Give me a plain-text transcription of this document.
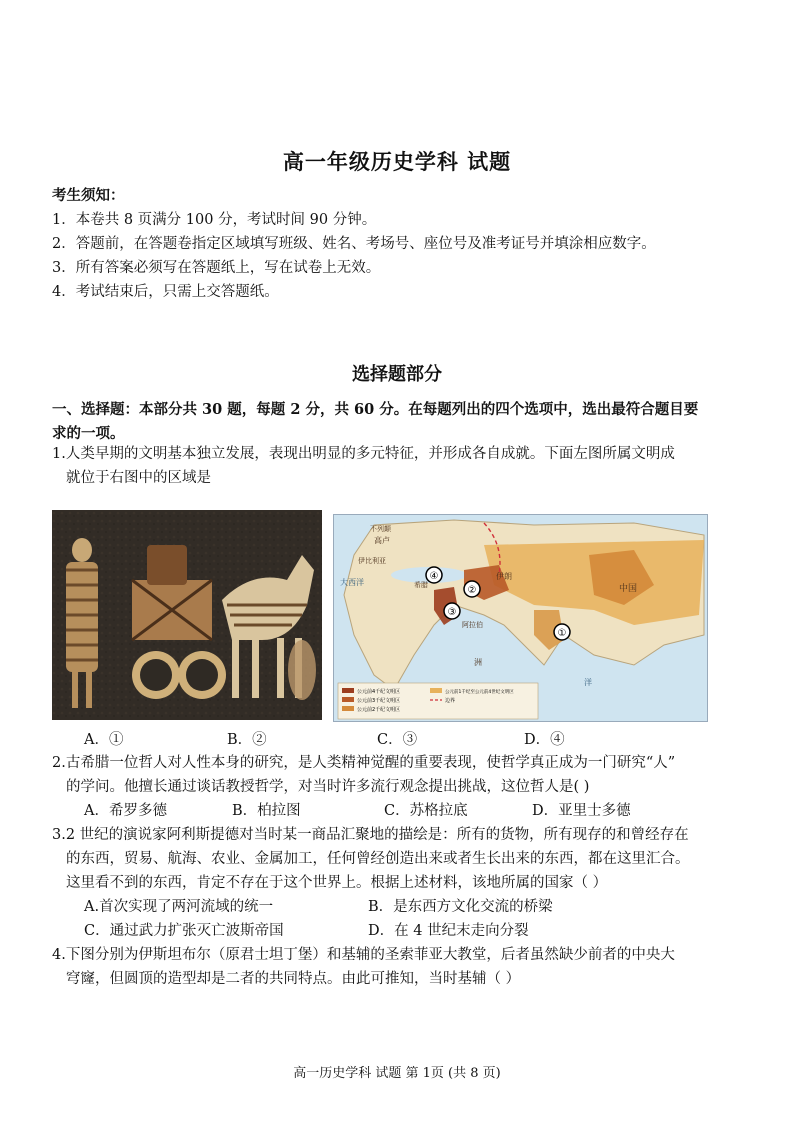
高一年级历史学科 试题
考生须知：
1．本卷共 8 页满分 100 分，考试时间 90 分钟。
2．答题前，在答题卷指定区域填写班级、姓名、考场号、座位号及准考证号并填涂相应数字。
3．所有答案必须写在答题纸上，写在试卷上无效。
4．考试结束后，只需上交答题纸。
选择题部分
一、选择题：本部分共 30 题，每题 2 分，共 60 分。在每题列出的四个选项中，选出最符合题目要
求的一项。
1.人类早期的文明基本独立发展，表现出明显的多元特征，并形成各自成就。下面左图所属文明成
就位于右图中的区域是
①
②
③
④
不列颠
高卢
伊比利亚
希腊
伊朗
中国
阿拉伯
大西洋
洲
洋
公元前4千纪文明区
公元前3千纪文明区
公元前2千纪文明区
公元前1千纪至公元前4世纪文明区
边界
A．①	B．②	C．③	D．④
2.古希腊一位哲人对人性本身的研究，是人类精神觉醒的重要表现，使哲学真正成为一门研究“人”
的学问。他擅长通过谈话教授哲学，对当时许多流行观念提出挑战，这位哲人是( )
A．希罗多德	B．柏拉图	C．苏格拉底	D．亚里士多德
3.2 世纪的演说家阿利斯提德对当时某一商品汇聚地的描绘是：所有的货物，所有现存的和曾经存在
的东西，贸易、航海、农业、金属加工，任何曾经创造出来或者生长出来的东西，都在这里汇合。
这里看不到的东西，肯定不存在于这个世界上。根据上述材料，该地所属的国家（ ）
A.首次实现了两河流域的统一	B．是东西方文化交流的桥梁
C．通过武力扩张灭亡波斯帝国	D．在 4 世纪末走向分裂
4.下图分别为伊斯坦布尔（原君士坦丁堡）和基辅的圣索菲亚大教堂，后者虽然缺少前者的中央大
穹窿，但圆顶的造型却是二者的共同特点。由此可推知，当时基辅（ ）
高一历史学科 试题 第 1页 (共 8 页)
